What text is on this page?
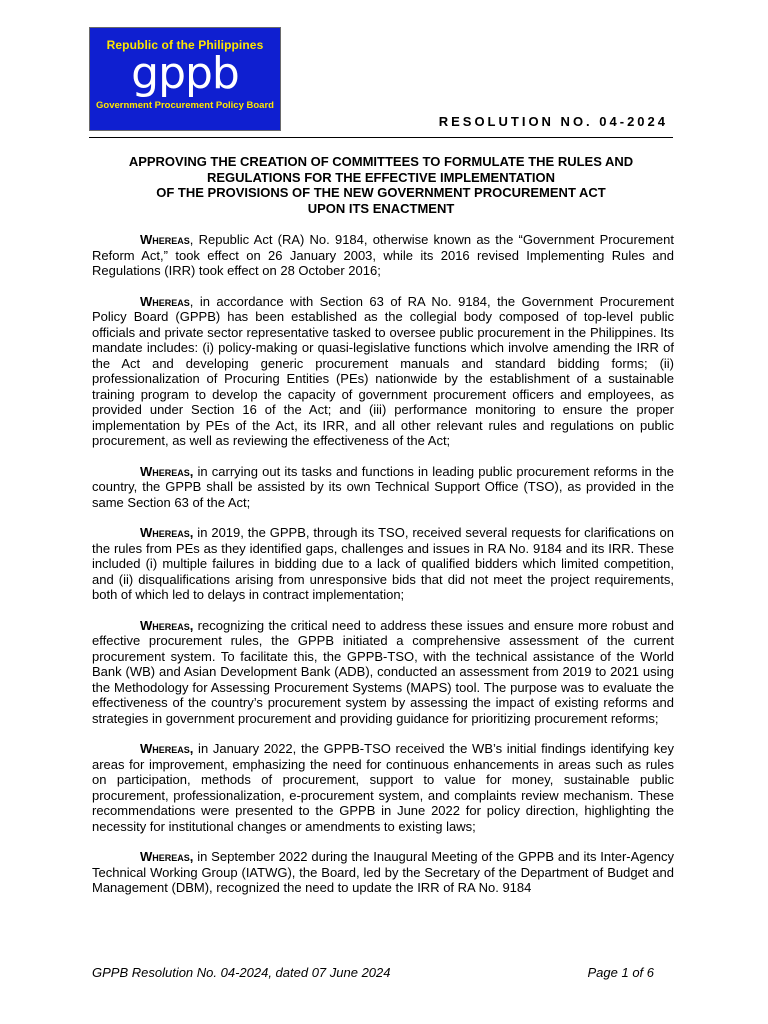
Republic of the Philippines
gppb
Government Procurement Policy Board
RESOLUTION NO. 04-2024
APPROVING THE CREATION OF COMMITTEES TO FORMULATE THE RULES AND
REGULATIONS FOR THE EFFECTIVE IMPLEMENTATION
OF THE PROVISIONS OF THE NEW GOVERNMENT PROCUREMENT ACT
UPON ITS ENACTMENT

Whereas, Republic Act (RA) No. 9184, otherwise known as the “Government Procurement Reform Act,” took effect on 26 January 2003, while its 2016 revised Implementing Rules and Regulations (IRR) took effect on 28 October 2016;

Whereas, in accordance with Section 63 of RA No. 9184, the Government Procurement Policy Board (GPPB) has been established as the collegial body composed of top-level public officials and private sector representative tasked to oversee public procurement in the Philippines. Its mandate includes: (i) policy-making or quasi-legislative functions which involve amending the IRR of the Act and developing generic procurement manuals and standard bidding forms; (ii) professionalization of Procuring Entities (PEs) nationwide by the establishment of a sustainable training program to develop the capacity of government procurement officers and employees, as provided under Section 16 of the Act; and (iii) performance monitoring to ensure the proper implementation by PEs of the Act, its IRR, and all other relevant rules and regulations on public procurement, as well as reviewing the effectiveness of the Act;

Whereas, in carrying out its tasks and functions in leading public procurement reforms in the country, the GPPB shall be assisted by its own Technical Support Office (TSO), as provided in the same Section 63 of the Act;

Whereas, in 2019, the GPPB, through its TSO, received several requests for clarifications on the rules from PEs as they identified gaps, challenges and issues in RA No. 9184 and its IRR. These included (i) multiple failures in bidding due to a lack of qualified bidders which limited competition, and (ii) disqualifications arising from unresponsive bids that did not meet the project requirements, both of which led to delays in contract implementation;

Whereas, recognizing the critical need to address these issues and ensure more robust and effective procurement rules, the GPPB initiated a comprehensive assessment of the current procurement system. To facilitate this, the GPPB-TSO, with the technical assistance of the World Bank (WB) and Asian Development Bank (ADB), conducted an assessment from 2019 to 2021 using the Methodology for Assessing Procurement Systems (MAPS) tool. The purpose was to evaluate the effectiveness of the country’s procurement system by assessing the impact of existing reforms and strategies in government procurement and providing guidance for prioritizing procurement reforms;

Whereas, in January 2022, the GPPB-TSO received the WB’s initial findings identifying key areas for improvement, emphasizing the need for continuous enhancements in areas such as rules on participation, methods of procurement, support to value for money, sustainable public procurement, professionalization, e-procurement system, and complaints review mechanism. These recommendations were presented to the GPPB in June 2022 for policy direction, highlighting the necessity for institutional changes or amendments to existing laws;

Whereas, in September 2022 during the Inaugural Meeting of the GPPB and its Inter-Agency Technical Working Group (IATWG), the Board, led by the Secretary of the Department of Budget and Management (DBM), recognized the need to update the IRR of RA No. 9184

GPPB Resolution No. 04-2024, dated 07 June 2024	Page 1 of 6
